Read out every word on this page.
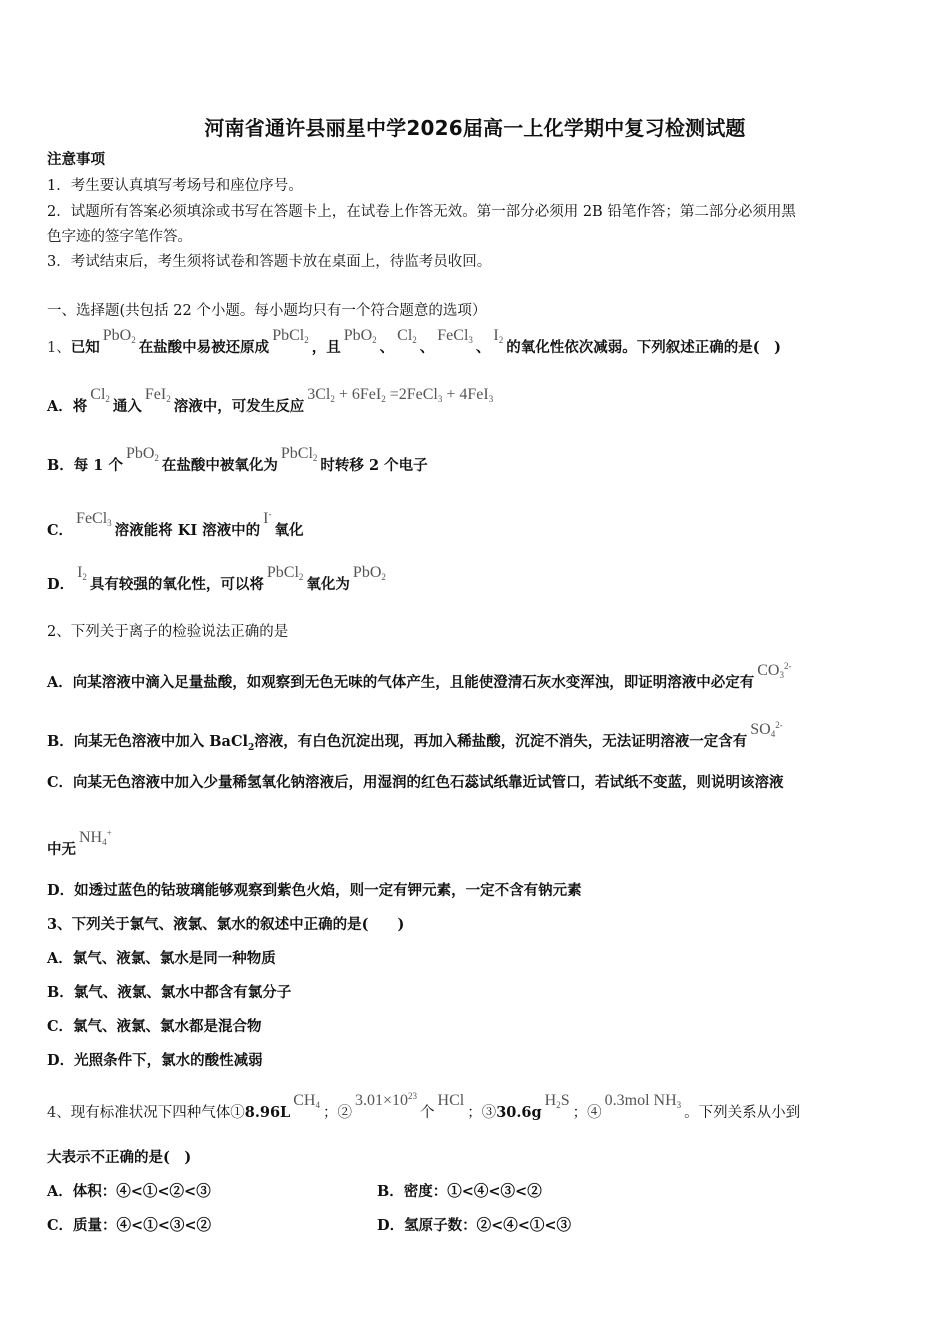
河南省通许县丽星中学2026届高一上化学期中复习检测试题
注意事项
1．考生要认真填写考场号和座位序号。
2．试题所有答案必须填涂或书写在答题卡上，在试卷上作答无效。第一部分必须用 2B 铅笔作答；第二部分必须用黑
色字迹的签字笔作答。
3．考试结束后，考生须将试卷和答题卡放在桌面上，待监考员收回。
一、选择题(共包括 22 个小题。每小题均只有一个符合题意的选项）
1、已知PbO$_2$ 在盐酸中易被还原成PbCl$_2$ ，且PbO$_2$ 、$Cl_2$ 、FeCl$_3$ 、$I_2$ 的氧化性依次减弱。下列叙述正确的是(　)
A．将$Cl_2$ 通入FeI$_2$ 溶液中，可发生反应$3Cl_2 + 6FeI_2$ =2FeCl$_3$ + 4FeI$_3$
B．每 1 个PbO$_2$ 在盐酸中被氧化为PbCl$_2$ 时转移 2 个电子
C．FeCl$_3$ 溶液能将 KI 溶液中的I-氧化
D．$I_2$ 具有较强的氧化性，可以将PbCl$_2$ 氧化为PbO$_2$
2、下列关于离子的检验说法正确的是
A．向某溶液中滴入足量盐酸，如观察到无色无味的气体产生，且能使澄清石灰水变浑浊，即证明溶液中必定有$CO_3^{2-}$
B．向某无色溶液中加入 BaCl$_2$溶液，有白色沉淀出现，再加入稀盐酸，沉淀不消失，无法证明溶液一定含有$SO_4^{2-}$
C．向某无色溶液中加入少量稀氢氧化钠溶液后，用湿润的红色石蕊试纸靠近试管口，若试纸不变蓝，则说明该溶液
中无$NH_4^+$
D．如透过蓝色的钴玻璃能够观察到紫色火焰，则一定有钾元素，一定不含有钠元素
3、下列关于氯气、液氯、氯水的叙述中正确的是(　　)
A．氯气、液氯、氯水是同一种物质
B．氯气、液氯、氯水中都含有氯分子
C．氯气、液氯、氯水都是混合物
D．光照条件下，氯水的酸性减弱
4、现有标准状况下四种气体$①8.96LCH_4$ ；$②3.01\times 10^{23}$个HCl；$③30.6gH_2S$；④0.3mol $NH_3$ 。下列关系从小到
大表示不正确的是(　)
A．体积：④<①<②<③	B．密度：①<④<③<②
C．质量：④<①<③<②	D．氢原子数：②<④<①<③
